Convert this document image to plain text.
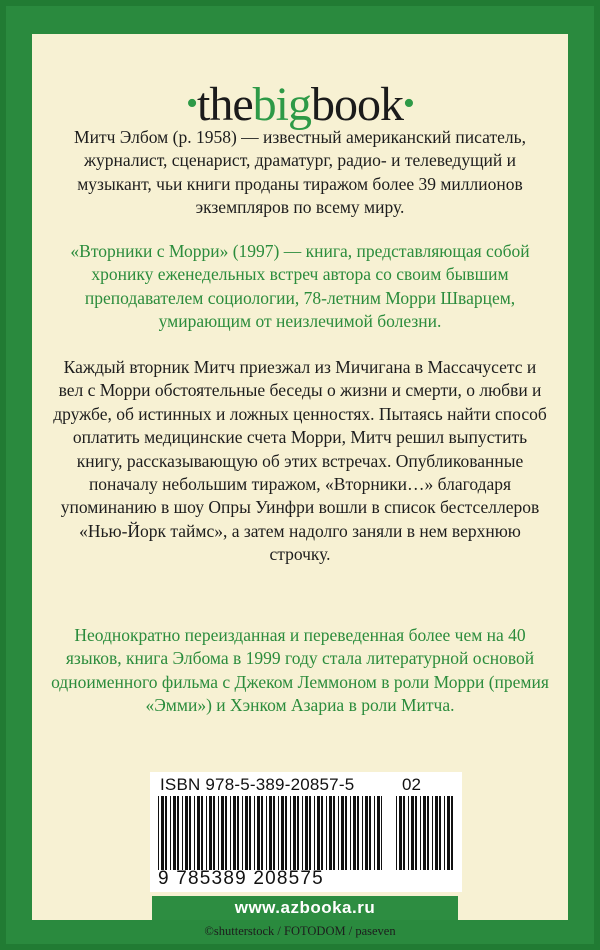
•thebigbook•
Митч Элбом (р. 1958) — известный американский писатель, журналист, сценарист, драматург, радио- и телеведущий и музыкант, чьи книги проданы тиражом более 39 миллионов экземпляров по всему миру.
«Вторники с Морри» (1997) — книга, представляющая собой хронику еженедельных встреч автора со своим бывшим преподавателем социологии, 78-летним Морри Шварцем, умирающим от неизлечимой болезни.
Каждый вторник Митч приезжал из Мичигана в Массачусетс и вел с Морри обстоятельные беседы о жизни и смерти, о любви и дружбе, об истинных и ложных ценностях. Пытаясь найти способ оплатить медицинские счета Морри, Митч решил выпустить книгу, рассказывающую об этих встречах. Опубликованные поначалу небольшим тиражом, «Вторники…» благодаря упоминанию в шоу Опры Уинфри вошли в список бестселлеров «Нью-Йорк таймс», а затем надолго заняли в нем верхнюю строчку.
Неоднократно переизданная и переведенная более чем на 40 языков, книга Элбома в 1999 году стала литературной основой одноименного фильма с Джеком Леммоном в роли Морри (премия «Эмми») и Хэнком Азариа в роли Митча.
ISBN 978-5-389-20857-5	02
9 785389 208575
www.azbooka.ru
©shutterstock / FOTODOM / paseven
